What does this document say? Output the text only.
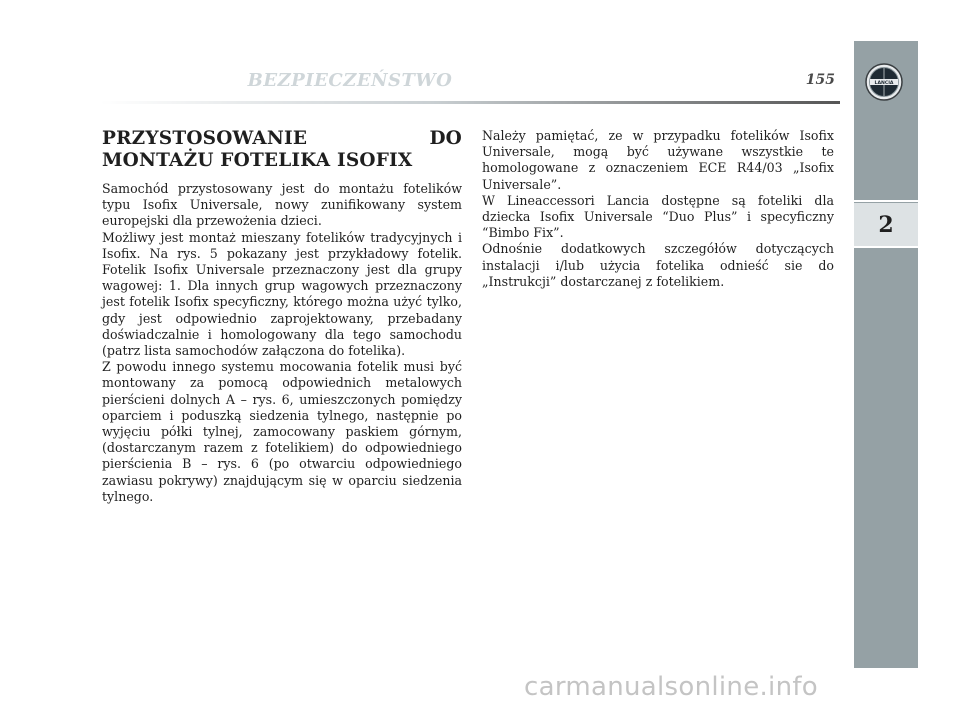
BEZPIECZEŃSTWO	155	LANCIA
2
PRZYSTOSOWANIE DO MONTAŻU FOTELIKA ISOFIX

Samochód przystosowany jest do montażu fotelików typu Isofix Universale, nowy zunifikowany system europejski dla przewożenia dzieci.

Możliwy jest montaż mieszany fotelików tradycyjnych i Isofix. Na rys. 5 pokazany jest przykładowy fotelik. Fotelik Isofix Universale przeznaczony jest dla grupy wagowej: 1. Dla innych grup wagowych przeznaczony jest fotelik Isofix specyficzny, którego można użyć tylko, gdy jest odpowiednio zaprojektowany, przebadany doświadczalnie i homologowany dla tego samochodu (patrz lista samochodów załączona do fotelika).

Z powodu innego systemu mocowania fotelik musi być montowany za pomocą odpowiednich metalowych pierścieni dolnych A – rys. 6, umieszczonych pomiędzy oparciem i poduszką siedzenia tylnego, następnie po wyjęciu półki tylnej, zamocowany paskiem górnym, (dostarczanym razem z fotelikiem) do odpowiedniego pierścienia B – rys. 6 (po otwarciu odpowiedniego zawiasu pokrywy) znajdującym się w oparciu siedzenia tylnego.

Należy pamiętać, ze w przypadku fotelików Isofix Universale, mogą być używane wszystkie te homologowane z oznaczeniem ECE R44/03 „Isofix Universale”.

W Lineaccessori Lancia dostępne są foteliki dla dziecka Isofix Universale “Duo Plus” i specyficzny “Bimbo Fix”.

Odnośnie dodatkowych szczegółów dotyczących instalacji i/lub użycia fotelika odnieść sie do „Instrukcji” dostarczanej z fotelikiem.

carmanualsonline.info
